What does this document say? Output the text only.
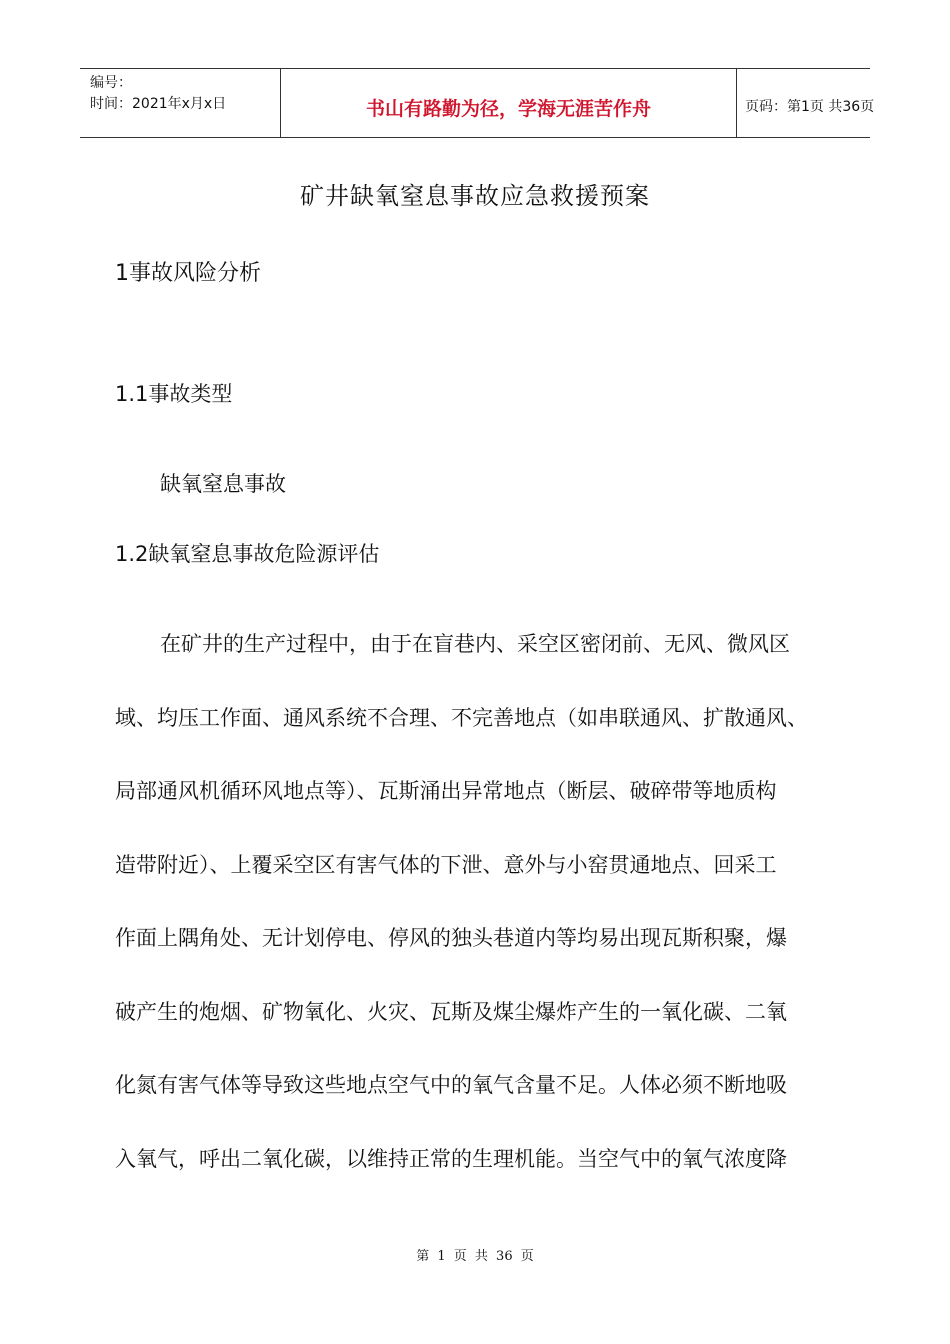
编号：
时间：2021年x月x日	书山有路勤为径，学海无涯苦作舟	页码：第1页 共36页
矿井缺氧窒息事故应急救援预案
1事故风险分析
1.1事故类型
缺氧窒息事故
1.2缺氧窒息事故危险源评估
在矿井的生产过程中，由于在盲巷内、采空区密闭前、无风、微风区
域、均压工作面、通风系统不合理、不完善地点（如串联通风、扩散通风、
局部通风机循环风地点等）、瓦斯涌出异常地点（断层、破碎带等地质构
造带附近）、上覆采空区有害气体的下泄、意外与小窑贯通地点、回采工
作面上隅角处、无计划停电、停风的独头巷道内等均易出现瓦斯积聚，爆
破产生的炮烟、矿物氧化、火灾、瓦斯及煤尘爆炸产生的一氧化碳、二氧
化氮有害气体等导致这些地点空气中的氧气含量不足。人体必须不断地吸
入氧气，呼出二氧化碳，以维持正常的生理机能。当空气中的氧气浓度降
第 1 页 共 36 页
